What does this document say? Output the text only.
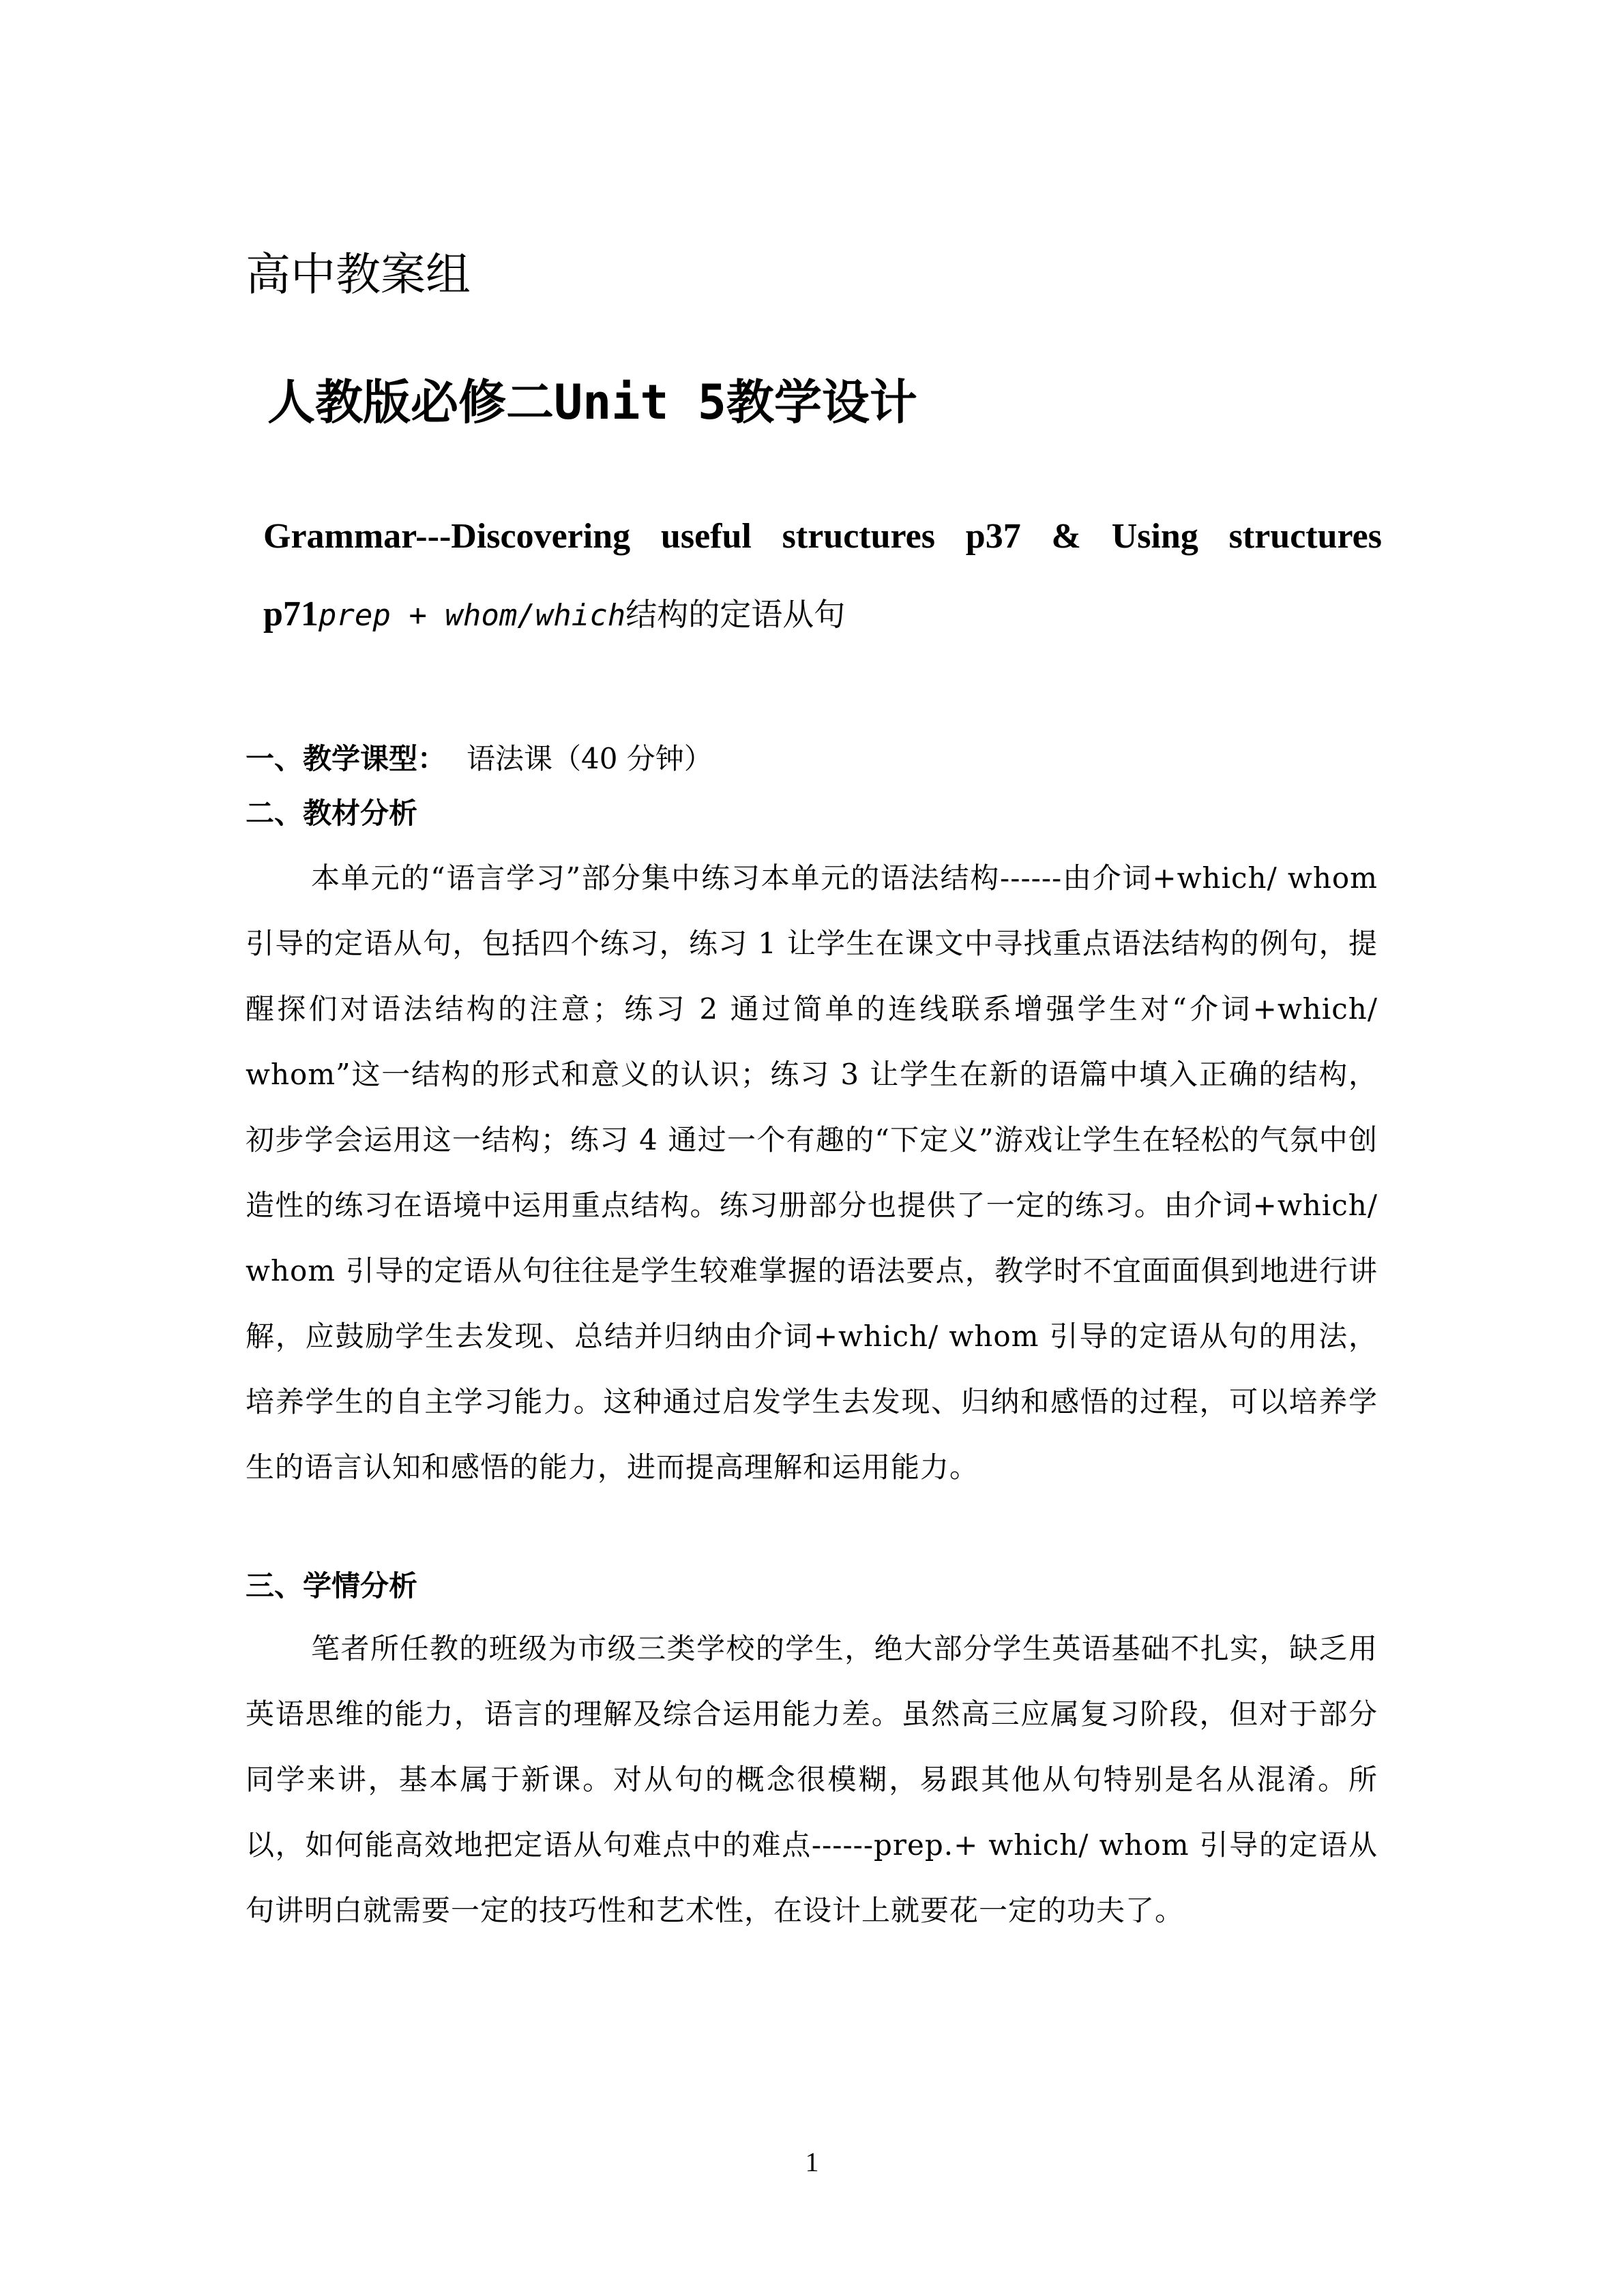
高中教案组
人教版必修二Unit 5教学设计
Grammar---Discovering useful structures p37 & Using structures
p71prep + whom/which结构的定语从句
一、教学课型： 语法课（40 分钟）
二、教材分析
本单元的“语言学习”部分集中练习本单元的语法结构------由介词+which/ whom 引导的定语从句，包括四个练习，练习 1 让学生在课文中寻找重点语法结构的例句，提醒探们对语法结构的注意；练习 2 通过简单的连线联系增强学生对“介词+which/ whom”这一结构的形式和意义的认识；练习 3 让学生在新的语篇中填入正确的结构，初步学会运用这一结构；练习 4 通过一个有趣的“下定义”游戏让学生在轻松的气氛中创造性的练习在语境中运用重点结构。练习册部分也提供了一定的练习。由介词+which/ whom 引导的定语从句往往是学生较难掌握的语法要点，教学时不宜面面俱到地进行讲解，应鼓励学生去发现、总结并归纳由介词+which/ whom 引导的定语从句的用法，培养学生的自主学习能力。这种通过启发学生去发现、归纳和感悟的过程，可以培养学生的语言认知和感悟的能力，进而提高理解和运用能力。
三、学情分析
笔者所任教的班级为市级三类学校的学生，绝大部分学生英语基础不扎实，缺乏用英语思维的能力，语言的理解及综合运用能力差。虽然高三应属复习阶段，但对于部分同学来讲，基本属于新课。对从句的概念很模糊，易跟其他从句特别是名从混淆。所以，如何能高效地把定语从句难点中的难点------prep.+ which/ whom 引导的定语从句讲明白就需要一定的技巧性和艺术性，在设计上就要花一定的功夫了。
1
